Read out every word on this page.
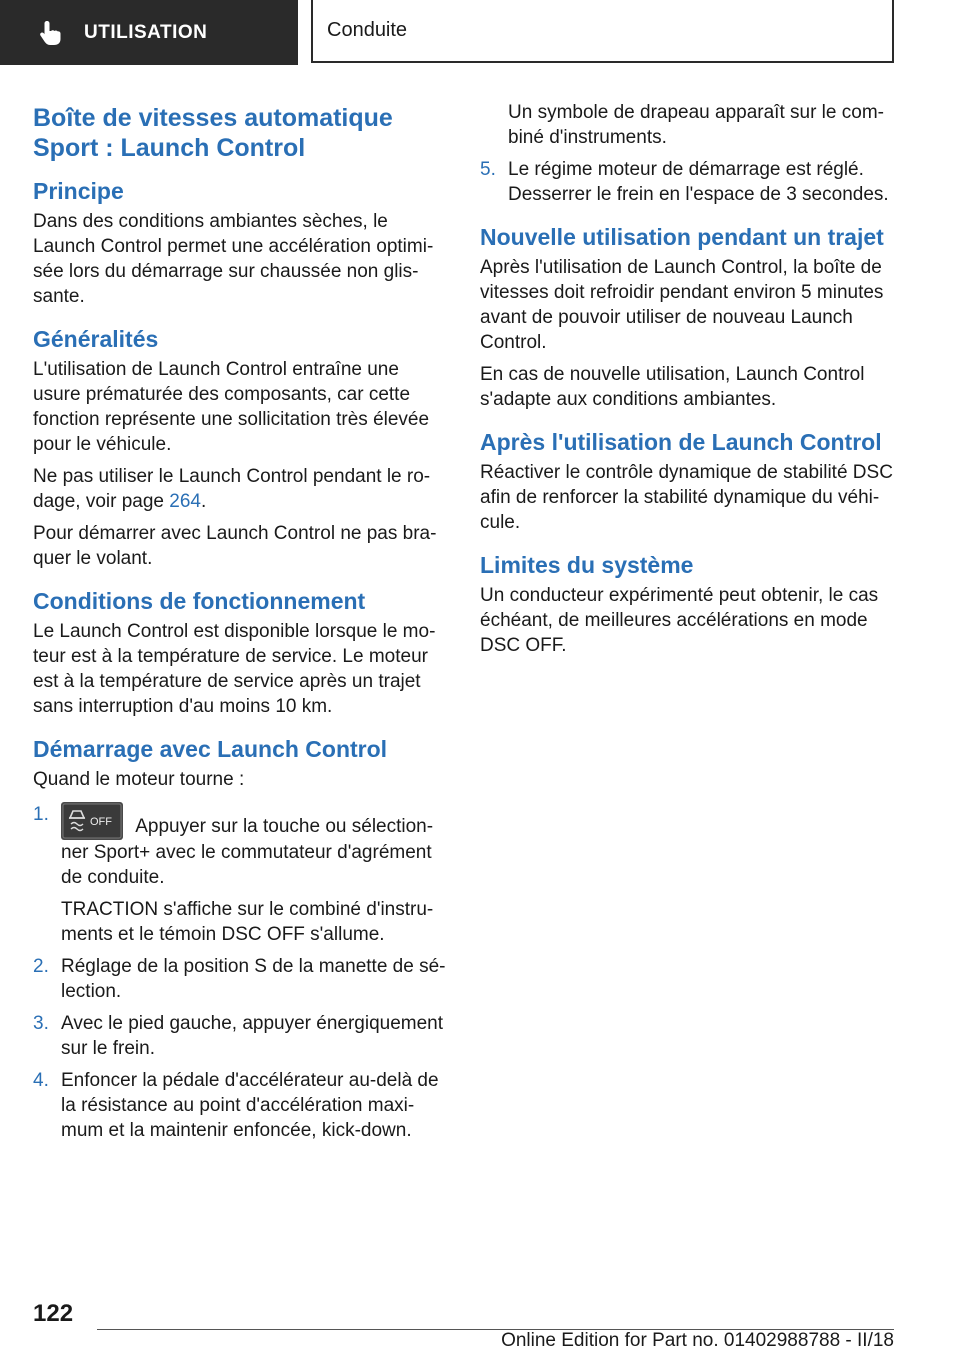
UTILISATION	Conduite
Boîte de vitesses automatique Sport : Launch Control
Principe

Dans des conditions ambiantes sèches, le Launch Control permet une accélération optimisée lors du démarrage sur chaussée non glissante.

Généralités

L'utilisation de Launch Control entraîne une usure prématurée des composants, car cette fonction représente une sollicitation très élevée pour le véhicule.

Ne pas utiliser le Launch Control pendant le rodage, voir page 264.

Pour démarrer avec Launch Control ne pas braquer le volant.

Conditions de fonctionnement

Le Launch Control est disponible lorsque le moteur est à la température de service. Le moteur est à la température de service après un trajet sans interruption d'au moins 10 km.

Démarrage avec Launch Control

Quand le moteur tourne :

1.	OFF Appuyer sur la touche ou sélectionner Sport+ avec le commutateur d'agrément de conduite.

TRACTION s'affiche sur le combiné d'instruments et le témoin DSC OFF s'allume.

2. Réglage de la position S de la manette de sélection.
3. Avec le pied gauche, appuyer énergiquement sur le frein.
4. Enfoncer la pédale d'accélérateur au-delà de la résistance au point d'accélération maximum et la maintenir enfoncée, kick-down.

Un symbole de drapeau apparaît sur le combiné d'instruments.

5. Le régime moteur de démarrage est réglé. Desserrer le frein en l'espace de 3 secondes.
Nouvelle utilisation pendant un trajet

Après l'utilisation de Launch Control, la boîte de vitesses doit refroidir pendant environ 5 minutes avant de pouvoir utiliser de nouveau Launch Control.

En cas de nouvelle utilisation, Launch Control s'adapte aux conditions ambiantes.

Après l'utilisation de Launch Control

Réactiver le contrôle dynamique de stabilité DSC afin de renforcer la stabilité dynamique du véhicule.

Limites du système

Un conducteur expérimenté peut obtenir, le cas échéant, de meilleures accélérations en mode DSC OFF.

122
Online Edition for Part no. 01402988788 - II/18
